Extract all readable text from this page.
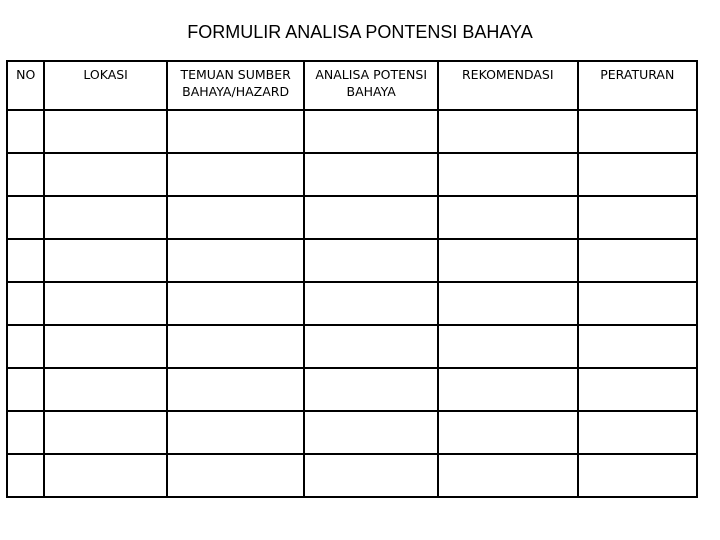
FORMULIR ANALISA PONTENSI BAHAYA
NO	LOKASI	TEMUAN SUMBER BAHAYA/HAZARD	ANALISA POTENSI BAHAYA	REKOMENDASI	PERATURAN
